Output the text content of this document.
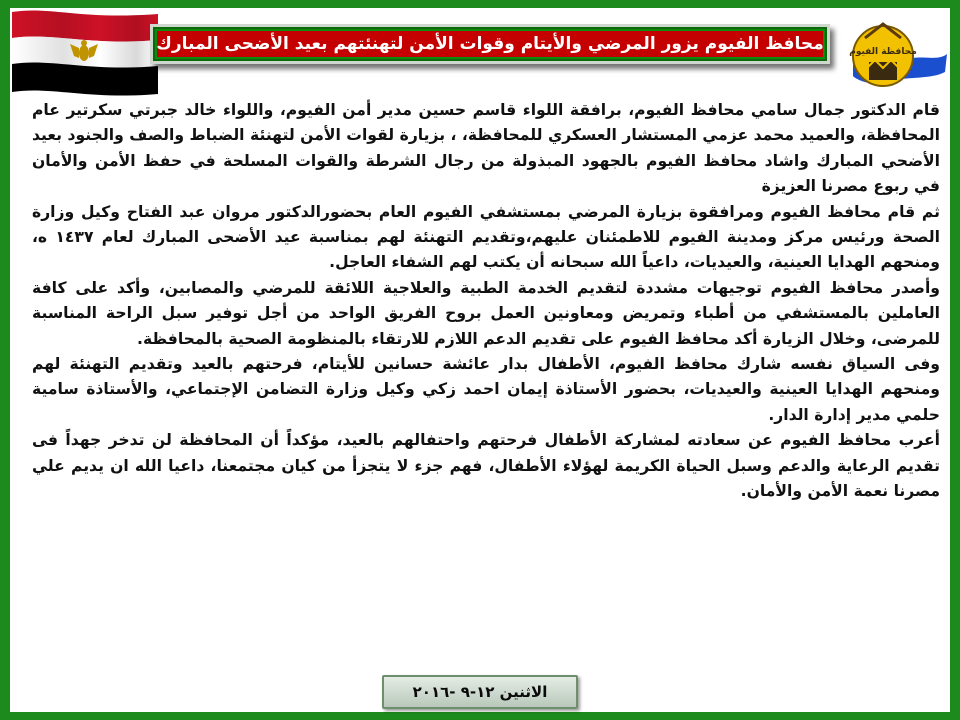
محافظ الفيوم يزور المرضي والأيتام وقوات الأمن لتهنئتهم بعيد الأضحى المبارك	محافظة الفيوم

قام الدكتور جمال سامي محافظ الفيوم، برافقة اللواء قاسم حسين مدير أمن الفيوم، واللواء خالد جبرتي سكرتير عام المحافظة، والعميد محمد عزمي المستشار العسكري للمحافظة، ، بزيارة لقوات الأمن لتهنئة الضباط والصف والجنود بعيد الأضحي المبارك واشاد محافظ الفيوم بالجهود المبذولة من رجال الشرطة والقوات المسلحة في حفظ الأمن والأمان في ربوع مصرنا العزيزة

ثم قام محافظ الفيوم ومرافقوة بزيارة المرضي بمستشفي الفيوم العام بحضورالدكتور مروان عبد الفتاح وكيل وزارة الصحة ورئيس مركز ومدينة الفيوم للاطمئنان عليهم،وتقديم التهنئة لهم بمناسبة عيد الأضحى المبارك لعام ١٤٣٧ ه، ومنحهم الهدايا العينية، والعيديات، داعياً الله سبحانه أن يكتب لهم الشفاء العاجل.

وأصدر محافظ الفيوم توجيهات مشددة لتقديم الخدمة الطبية والعلاجية اللائقة للمرضي والمصابين، وأكد على كافة العاملين بالمستشفي من أطباء وتمريض ومعاونين العمل بروح الفريق الواحد من أجل توفير سبل الراحة المناسبة للمرضى، وخلال الزيارة أكد محافظ الفيوم على تقديم الدعم اللازم للارتقاء بالمنظومة الصحية بالمحافظة.

وفى السياق نفسه شارك محافظ الفيوم، الأطفال بدار عائشة حسانين للأيتام، فرحتهم بالعيد وتقديم التهنئة لهم ومنحهم الهدايا العينية والعيديات، بحضور الأستاذة إيمان احمد زكي وكيل وزارة التضامن الإجتماعي، والأستاذة سامية حلمي مدير إدارة الدار.

أعرب محافظ الفيوم عن سعادته لمشاركة الأطفال فرحتهم واحتفالهم بالعيد، مؤكداً أن المحافظة لن تدخر جهداً فى تقديم الرعاية والدعم وسبل الحياة الكريمة لهؤلاء الأطفال، فهم جزء لا يتجزأ من كيان مجتمعنا، داعيا الله ان يديم علي مصرنا نعمة الأمن والأمان.

الاثنين ١٢-٩ -٢٠١٦
